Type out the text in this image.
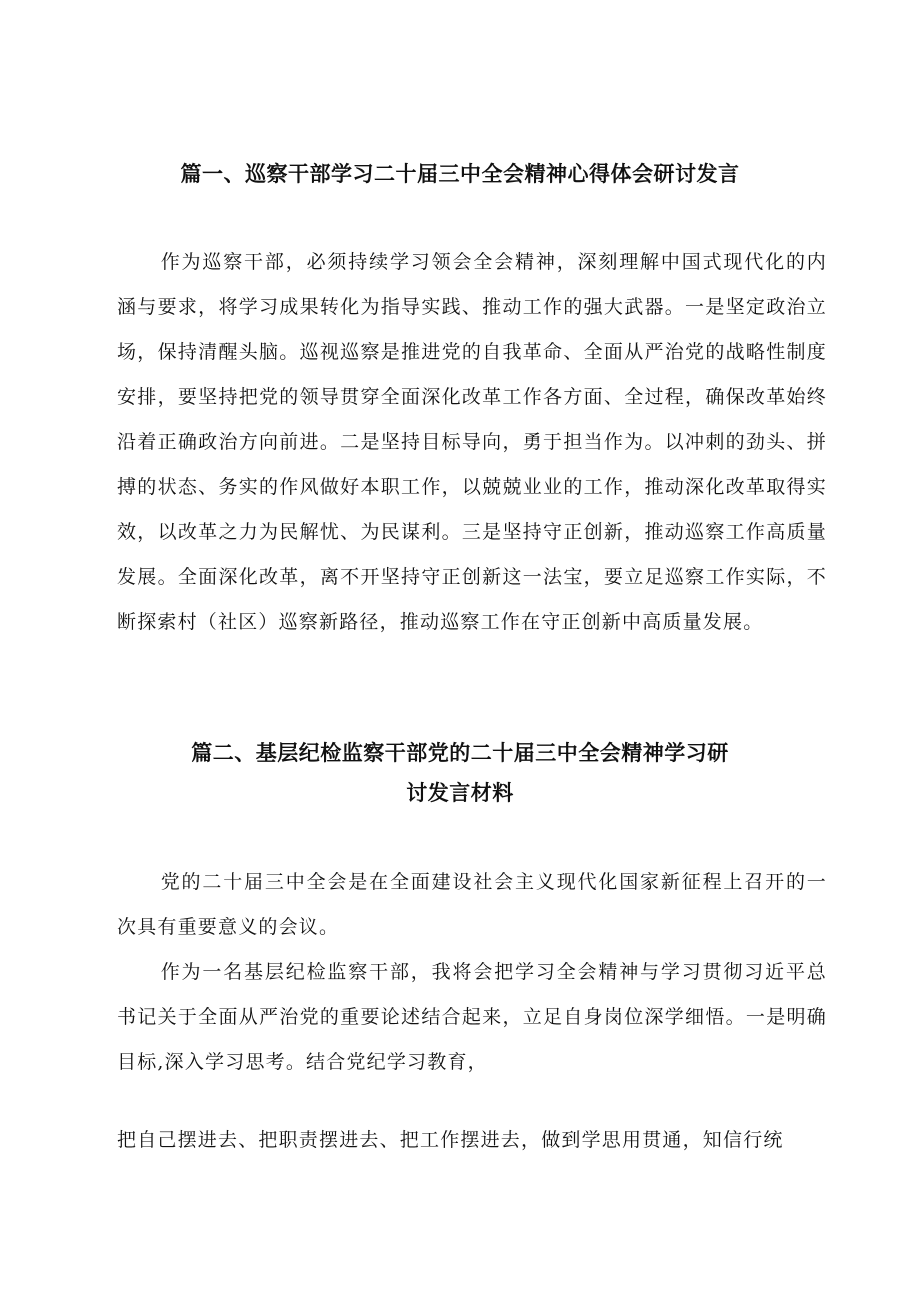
篇一、巡察干部学习二十届三中全会精神心得体会研讨发言

作为巡察干部，必须持续学习领会全会精神，深刻理解中国式现代化的内涵与要求，将学习成果转化为指导实践、推动工作的强大武器。一是坚定政治立场，保持清醒头脑。巡视巡察是推进党的自我革命、全面从严治党的战略性制度安排，要坚持把党的领导贯穿全面深化改革工作各方面、全过程，确保改革始终沿着正确政治方向前进。二是坚持目标导向，勇于担当作为。以冲刺的劲头、拼搏的状态、务实的作风做好本职工作，以兢兢业业的工作，推动深化改革取得实效，以改革之力为民解忧、为民谋利。三是坚持守正创新，推动巡察工作高质量发展。全面深化改革，离不开坚持守正创新这一法宝，要立足巡察工作实际，不断探索村（社区）巡察新路径，推动巡察工作在守正创新中高质量发展。

篇二、基层纪检监察干部党的二十届三中全会精神学习研
讨发言材料

党的二十届三中全会是在全面建设社会主义现代化国家新征程上召开的一次具有重要意义的会议。

作为一名基层纪检监察干部，我将会把学习全会精神与学习贯彻习近平总书记关于全面从严治党的重要论述结合起来，立足自身岗位深学细悟。一是明确目标,深入学习思考。结合党纪学习教育，

把自己摆进去、把职责摆进去、把工作摆进去，做到学思用贯通，知信行统
